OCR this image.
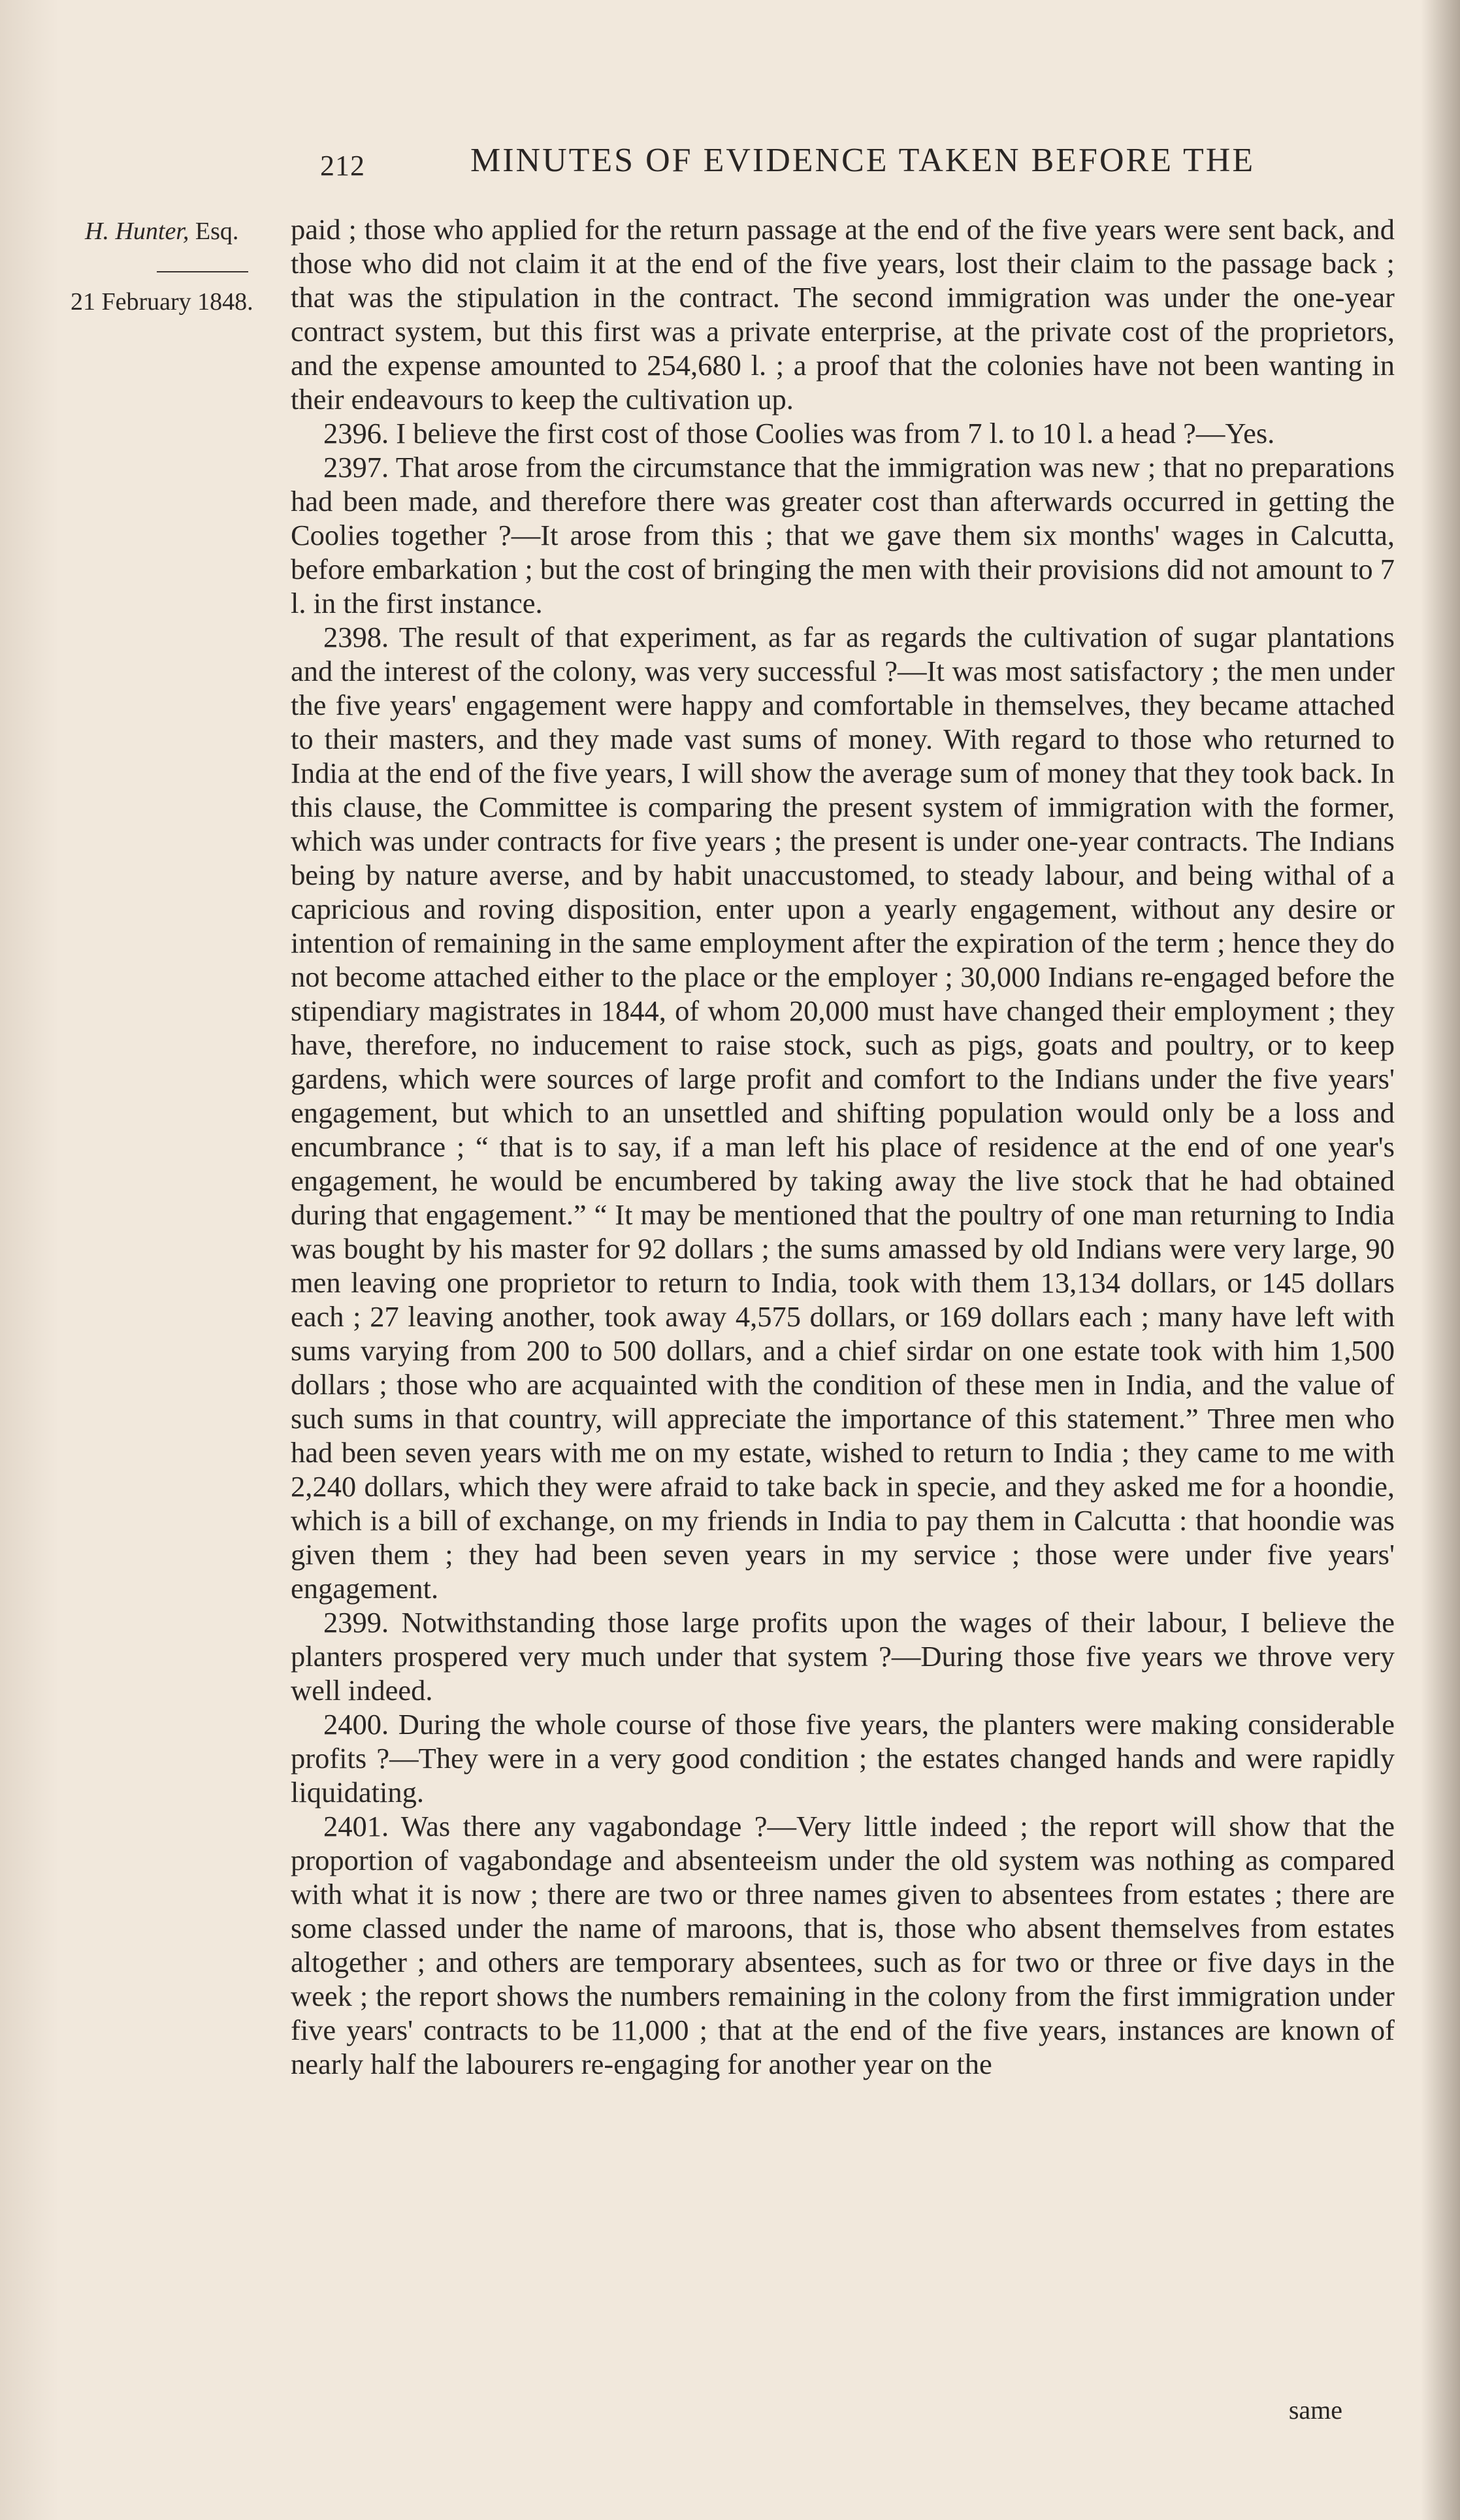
212	MINUTES OF EVIDENCE TAKEN BEFORE THE
H. Hunter, Esq.
21 February 1848.

paid ; those who applied for the return passage at the end of the five years were sent back, and those who did not claim it at the end of the five years, lost their claim to the passage back ; that was the stipulation in the contract. The second immigration was under the one-year contract system, but this first was a private enterprise, at the private cost of the proprietors, and the expense amounted to 254,680 l. ; a proof that the colonies have not been wanting in their endeavours to keep the cultivation up.

2396. I believe the first cost of those Coolies was from 7 l. to 10 l. a head ?—Yes.

2397. That arose from the circumstance that the immigration was new ; that no preparations had been made, and therefore there was greater cost than afterwards occurred in getting the Coolies together ?—It arose from this ; that we gave them six months' wages in Calcutta, before embarkation ; but the cost of bringing the men with their provisions did not amount to 7 l. in the first instance.

2398. The result of that experiment, as far as regards the cultivation of sugar plantations and the interest of the colony, was very successful ?—It was most satisfactory ; the men under the five years' engagement were happy and comfortable in themselves, they became attached to their masters, and they made vast sums of money. With regard to those who returned to India at the end of the five years, I will show the average sum of money that they took back. In this clause, the Committee is comparing the present system of immigration with the former, which was under contracts for five years ; the present is under one-year contracts. The Indians being by nature averse, and by habit unaccustomed, to steady labour, and being withal of a capricious and roving disposition, enter upon a yearly engagement, without any desire or intention of remaining in the same employment after the expiration of the term ; hence they do not become attached either to the place or the employer ; 30,000 Indians re-engaged before the stipendiary magistrates in 1844, of whom 20,000 must have changed their employment ; they have, therefore, no inducement to raise stock, such as pigs, goats and poultry, or to keep gardens, which were sources of large profit and comfort to the Indians under the five years' engagement, but which to an unsettled and shifting population would only be a loss and encumbrance ; “ that is to say, if a man left his place of residence at the end of one year's engagement, he would be encumbered by taking away the live stock that he had obtained during that engagement.” “ It may be mentioned that the poultry of one man returning to India was bought by his master for 92 dollars ; the sums amassed by old Indians were very large, 90 men leaving one proprietor to return to India, took with them 13,134 dollars, or 145 dollars each ; 27 leaving another, took away 4,575 dollars, or 169 dollars each ; many have left with sums varying from 200 to 500 dollars, and a chief sirdar on one estate took with him 1,500 dollars ; those who are acquainted with the condition of these men in India, and the value of such sums in that country, will appreciate the importance of this statement.” Three men who had been seven years with me on my estate, wished to return to India ; they came to me with 2,240 dollars, which they were afraid to take back in specie, and they asked me for a hoondie, which is a bill of exchange, on my friends in India to pay them in Calcutta : that hoondie was given them ; they had been seven years in my service ; those were under five years' engagement.

2399. Notwithstanding those large profits upon the wages of their labour, I believe the planters prospered very much under that system ?—During those five years we throve very well indeed.

2400. During the whole course of those five years, the planters were making considerable profits ?—They were in a very good condition ; the estates changed hands and were rapidly liquidating.

2401. Was there any vagabondage ?—Very little indeed ; the report will show that the proportion of vagabondage and absenteeism under the old system was nothing as compared with what it is now ; there are two or three names given to absentees from estates ; there are some classed under the name of maroons, that is, those who absent themselves from estates altogether ; and others are temporary absentees, such as for two or three or five days in the week ; the report shows the numbers remaining in the colony from the first immigration under five years' contracts to be 11,000 ; that at the end of the five years, instances are known of nearly half the labourers re-engaging for another year on the

same
